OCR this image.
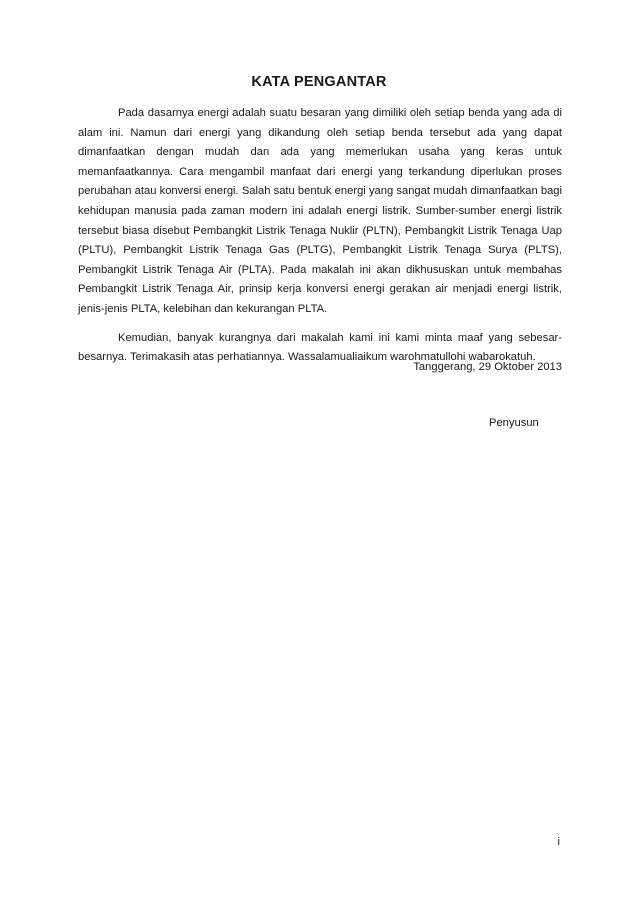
KATA PENGANTAR

Pada dasarnya energi adalah suatu besaran yang dimiliki oleh setiap benda yang ada di alam ini. Namun dari energi yang dikandung oleh setiap benda tersebut ada yang dapat dimanfaatkan dengan mudah dan ada yang memerlukan usaha yang keras untuk memanfaatkannya. Cara mengambil manfaat dari energi yang terkandung diperlukan proses perubahan atau konversi energi. Salah satu bentuk energi yang sangat mudah dimanfaatkan bagi kehidupan manusia pada zaman modern ini adalah energi listrik. Sumber-sumber energi listrik tersebut biasa disebut Pembangkit Listrik Tenaga Nuklir (PLTN), Pembangkit Listrik Tenaga Uap (PLTU), Pembangkit Listrik Tenaga Gas (PLTG), Pembangkit Listrik Tenaga Surya (PLTS), Pembangkit Listrik Tenaga Air (PLTA). Pada makalah ini akan dikhususkan untuk membahas Pembangkit Listrik Tenaga Air, prinsip kerja konversi energi gerakan air menjadi energi listrik, jenis-jenis PLTA, kelebihan dan kekurangan PLTA.

Kemudian, banyak kurangnya dari makalah kami ini kami minta maaf yang sebesar-besarnya. Terimakasih atas perhatiannya. Wassalamualiaikum warohmatullohi wabarokatuh.

Tanggerang, 29 Oktober 2013
Penyusun
i
